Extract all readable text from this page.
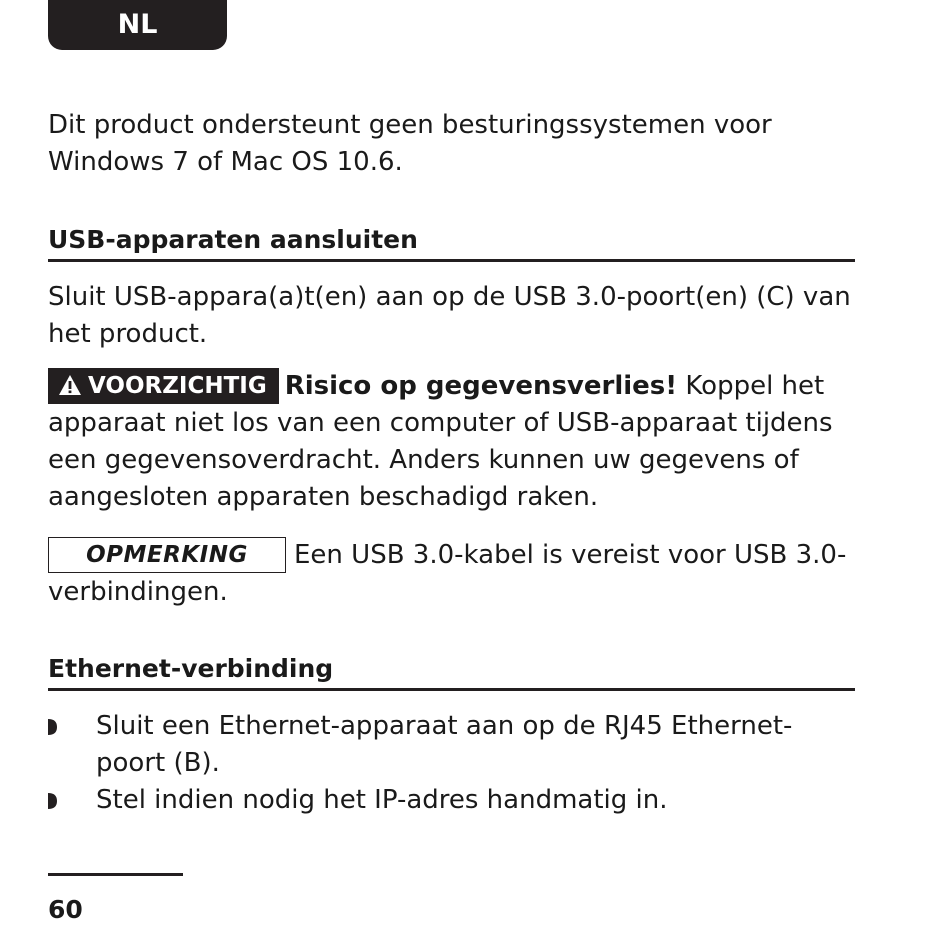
NL

Dit product ondersteunt geen besturingssystemen voor Windows 7 of Mac OS 10.6.

USB-apparaten aansluiten

Sluit USB-appara(a)t(en) aan op de USB 3.0-poort(en) (C) van het product.

VOORZICHTIG Risico op gegevensverlies! Koppel het apparaat niet los van een computer of USB-apparaat tijdens een gegevensoverdracht. Anders kunnen uw gegevens of aangesloten apparaten beschadigd raken.

OPMERKING Een USB 3.0-kabel is vereist voor USB 3.0-verbindingen.

Ethernet-verbinding
Sluit een Ethernet-apparaat aan op de RJ45 Ethernet-poort (B).
Stel indien nodig het IP-adres handmatig in.
60
